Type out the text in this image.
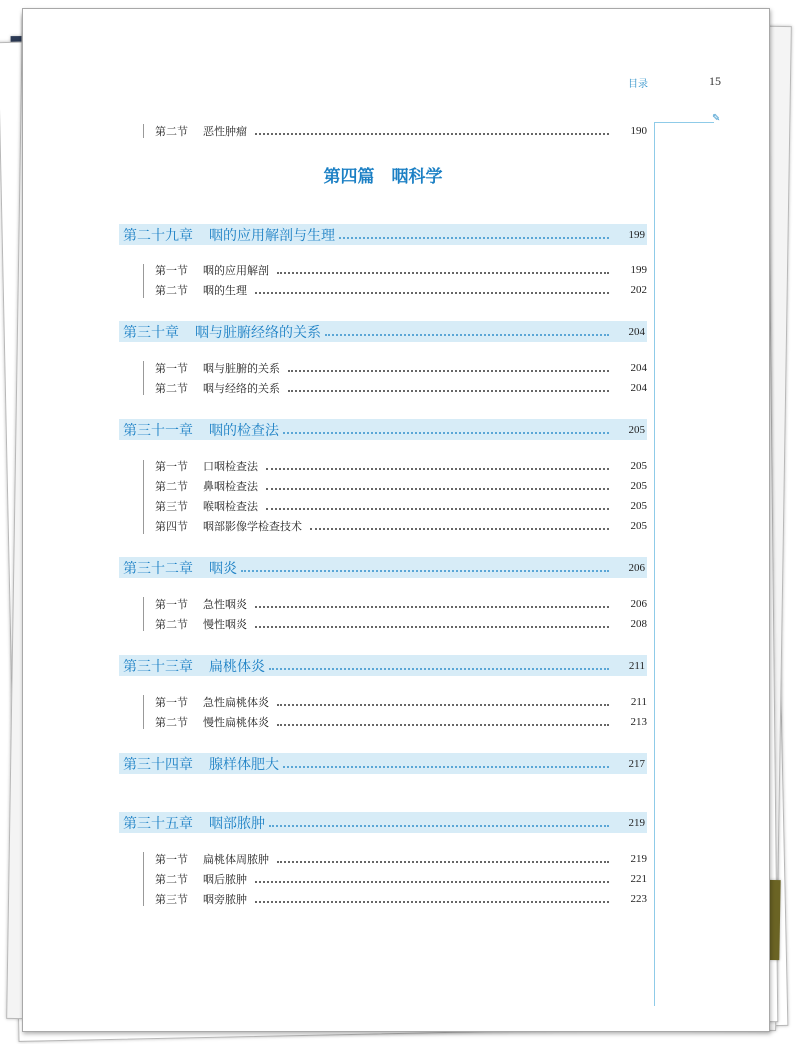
目录	15
✎
第二节	恶性肿瘤	190
第四篇　咽科学
第二十九章	咽的应用解剖与生理	199
第一节	咽的应用解剖	199
第二节	咽的生理	202
第三十章	咽与脏腑经络的关系	204
第一节	咽与脏腑的关系	204
第二节	咽与经络的关系	204
第三十一章	咽的检查法	205
第一节	口咽检查法	205
第二节	鼻咽检查法	205
第三节	喉咽检查法	205
第四节	咽部影像学检查技术	205
第三十二章	咽炎	206
第一节	急性咽炎	206
第二节	慢性咽炎	208
第三十三章	扁桃体炎	211
第一节	急性扁桃体炎	211
第二节	慢性扁桃体炎	213
第三十四章	腺样体肥大	217
第三十五章	咽部脓肿	219
第一节	扁桃体周脓肿	219
第二节	咽后脓肿	221
第三节	咽旁脓肿	223
